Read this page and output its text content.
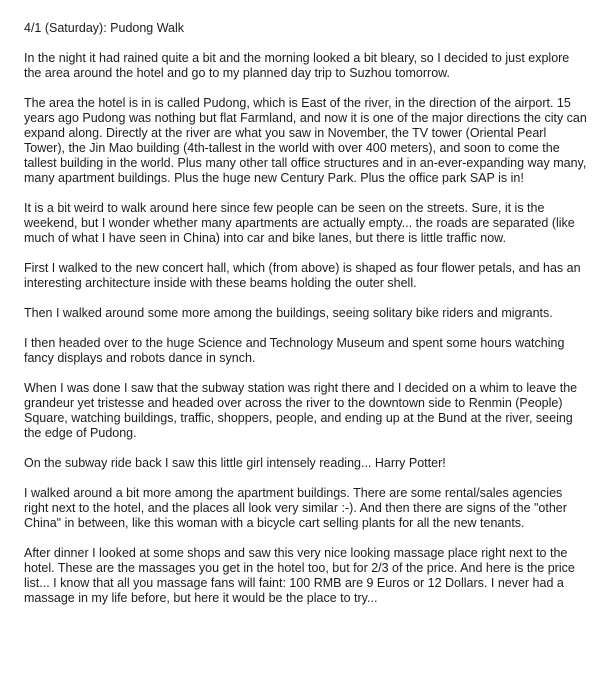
4/1 (Saturday): Pudong Walk

In the night it had rained quite a bit and the morning looked a bit bleary, so I decided to just explore the area around the hotel and go to my planned day trip to Suzhou tomorrow.

The area the hotel is in is called Pudong, which is East of the river, in the direction of the airport. 15 years ago Pudong was nothing but flat Farmland, and now it is one of the major directions the city can expand along. Directly at the river are what you saw in November, the TV tower (Oriental Pearl Tower), the Jin Mao building (4th-tallest in the world with over 400 meters), and soon to come the tallest building in the world. Plus many other tall office structures and in an-ever-expanding way many, many apartment buildings. Plus the huge new Century Park. Plus the office park SAP is in!

It is a bit weird to walk around here since few people can be seen on the streets. Sure, it is the weekend, but I wonder whether many apartments are actually empty... the roads are separated (like much of what I have seen in China) into car and bike lanes, but there is little traffic now.

First I walked to the new concert hall, which (from above) is shaped as four flower petals, and has an interesting architecture inside with these beams holding the outer shell.

Then I walked around some more among the buildings, seeing solitary bike riders and migrants.

I then headed over to the huge Science and Technology Museum and spent some hours watching fancy displays and robots dance in synch.

When I was done I saw that the subway station was right there and I decided on a whim to leave the grandeur yet tristesse and headed over across the river to the downtown side to Renmin (People) Square, watching buildings, traffic, shoppers, people, and ending up at the Bund at the river, seeing the edge of Pudong.

On the subway ride back I saw this little girl intensely reading... Harry Potter!

I walked around a bit more among the apartment buildings. There are some rental/sales agencies right next to the hotel, and the places all look very similar :-). And then there are signs of the "other China" in between, like this woman with a bicycle cart selling plants for all the new tenants.

After dinner I looked at some shops and saw this very nice looking massage place right next to the hotel. These are the massages you get in the hotel too, but for 2/3 of the price. And here is the price list... I know that all you massage fans will faint: 100 RMB are 9 Euros or 12 Dollars. I never had a massage in my life before, but here it would be the place to try...
